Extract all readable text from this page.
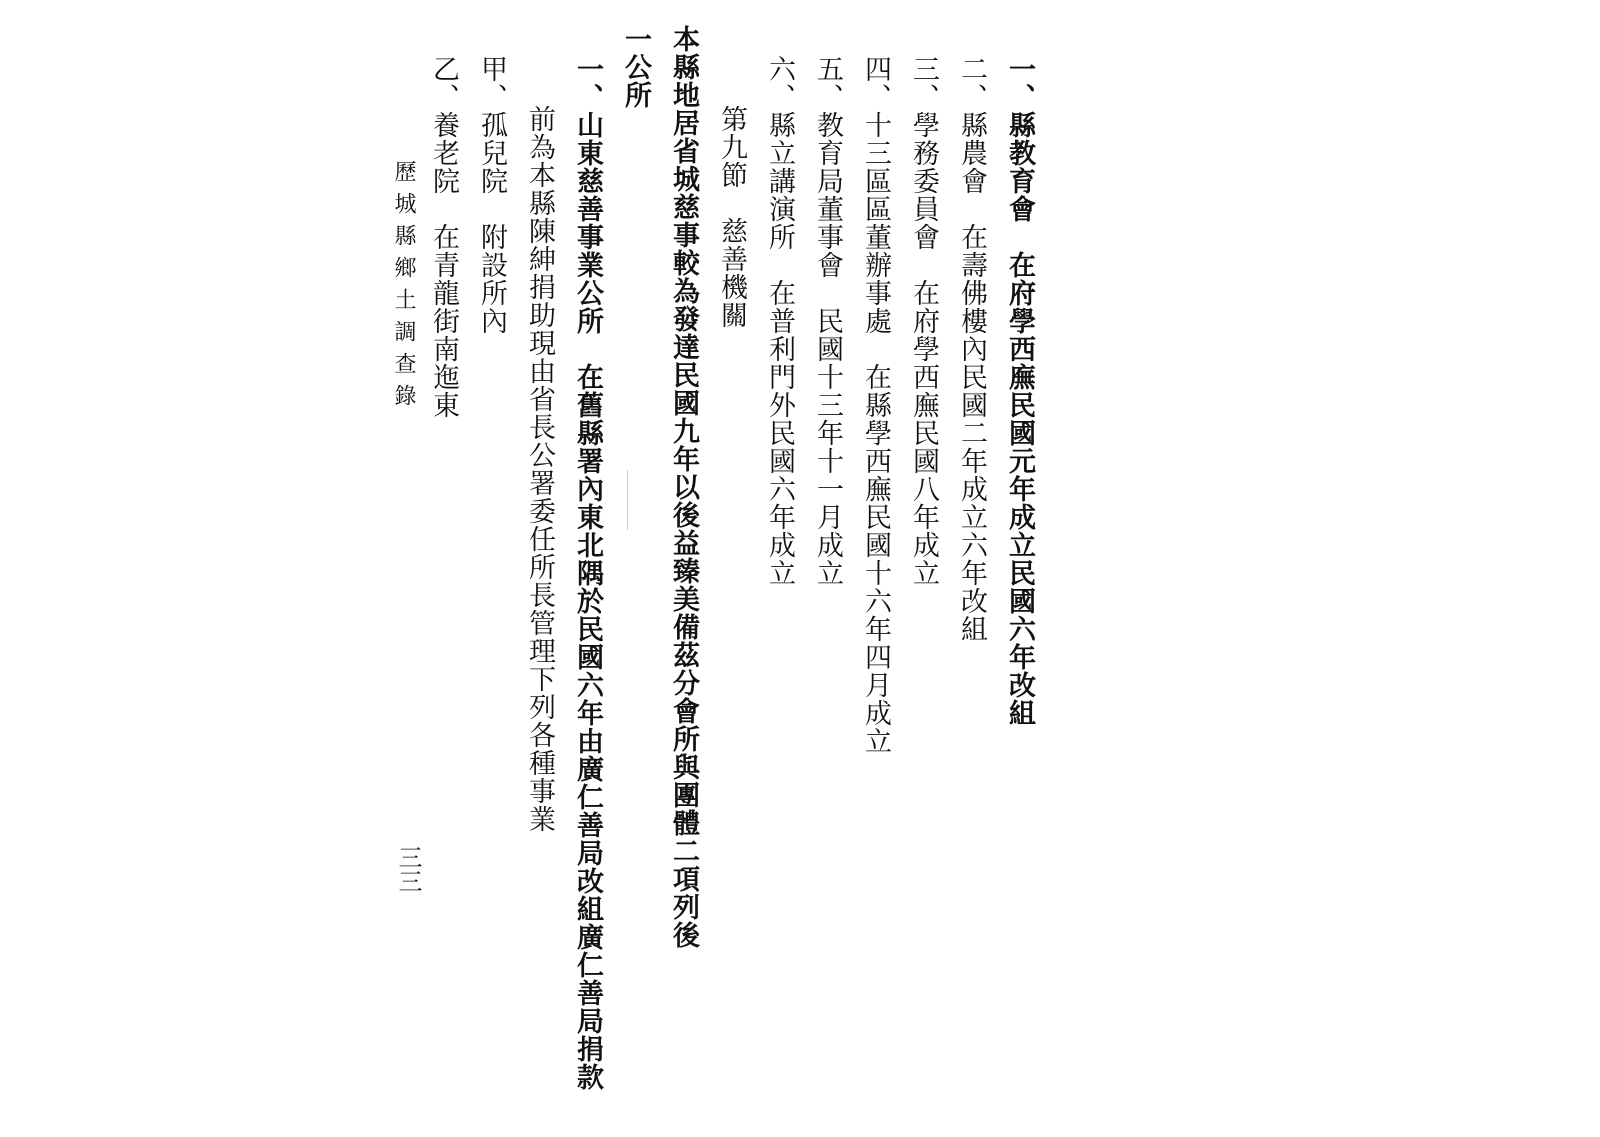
一、縣教育會　在府學西廡民國元年成立民國六年改組
二、縣農會　在壽佛樓內民國二年成立六年改組
三、學務委員會　在府學西廡民國八年成立
四、十三區區董辦事處　在縣學西廡民國十六年四月成立
五、教育局董事會　民國十三年十一月成立
六、縣立講演所　在普利門外民國六年成立
第九節　慈善機關
本縣地居省城慈事較為發達民國九年以後益臻美備茲分會所與團體二項列後
一公所
一、山東慈善事業公所　在舊縣署內東北隅於民國六年由廣仁善局改組廣仁善局捐款
前為本縣陳紳捐助現由省長公署委任所長管理下列各種事業
甲、孤兒院　附設所內
乙、養老院　在青龍街南迤東
歷城縣鄉土調查錄
三三
